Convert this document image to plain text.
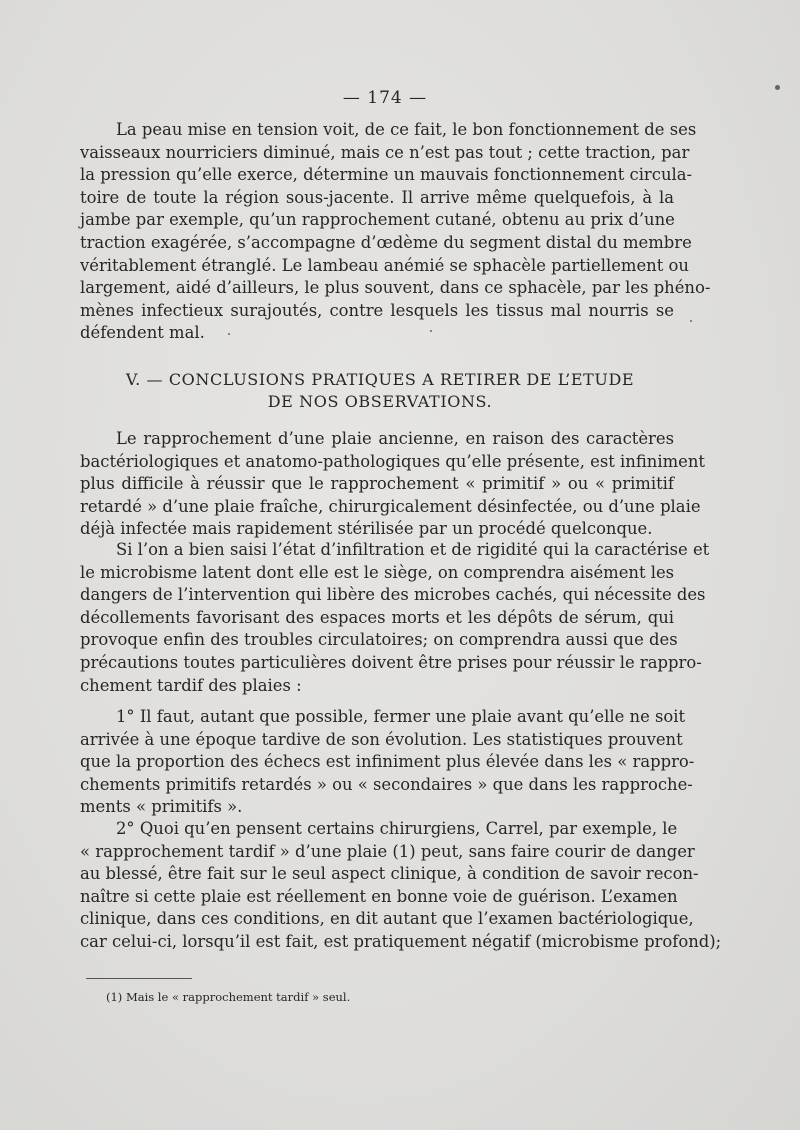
— 174 —
La peau mise en tension voit, de ce fait, le bon fonctionnement de ses
vaisseaux nourriciers diminué, mais ce n’est pas tout ; cette traction, par
la pression qu’elle exerce, détermine un mauvais fonctionnement circula-
toire de toute la région sous-jacente. Il arrive même quelquefois, à la
jambe par exemple, qu’un rapprochement cutané, obtenu au prix d’une
traction exagérée, s’accompagne d’œdème du segment distal du membre
véritablement étranglé. Le lambeau anémié se sphacèle partiellement ou
largement, aidé d’ailleurs, le plus souvent, dans ce sphacèle, par les phéno-
mènes infectieux surajoutés, contre lesquels les tissus mal nourris se
défendent mal.
V. — CONCLUSIONS PRATIQUES A RETIRER DE L’ETUDE
DE NOS OBSERVATIONS.
Le rapprochement d’une plaie ancienne, en raison des caractères
bactériologiques et anatomo-pathologiques qu’elle présente, est infiniment
plus difficile à réussir que le rapprochement « primitif » ou « primitif
retardé » d’une plaie fraîche, chirurgicalement désinfectée, ou d’une plaie
déjà infectée mais rapidement stérilisée par un procédé quelconque.
Si l’on a bien saisi l’état d’infiltration et de rigidité qui la caractérise et
le microbisme latent dont elle est le siège, on comprendra aisément les
dangers de l’intervention qui libère des microbes cachés, qui nécessite des
décollements favorisant des espaces morts et les dépôts de sérum, qui
provoque enfin des troubles circulatoires; on comprendra aussi que des
précautions toutes particulières doivent être prises pour réussir le rappro-
chement tardif des plaies :
1° Il faut, autant que possible, fermer une plaie avant qu’elle ne soit
arrivée à une époque tardive de son évolution. Les statistiques prouvent
que la proportion des échecs est infiniment plus élevée dans les « rappro-
chements primitifs retardés » ou « secondaires » que dans les rapproche-
ments « primitifs ».
2° Quoi qu’en pensent certains chirurgiens, Carrel, par exemple, le
« rapprochement tardif » d’une plaie (1) peut, sans faire courir de danger
au blessé, être fait sur le seul aspect clinique, à condition de savoir recon-
naître si cette plaie est réellement en bonne voie de guérison. L’examen
clinique, dans ces conditions, en dit autant que l’examen bactériologique,
car celui-ci, lorsqu’il est fait, est pratiquement négatif (microbisme profond);
(1) Mais le « rapprochement tardif » seul.
